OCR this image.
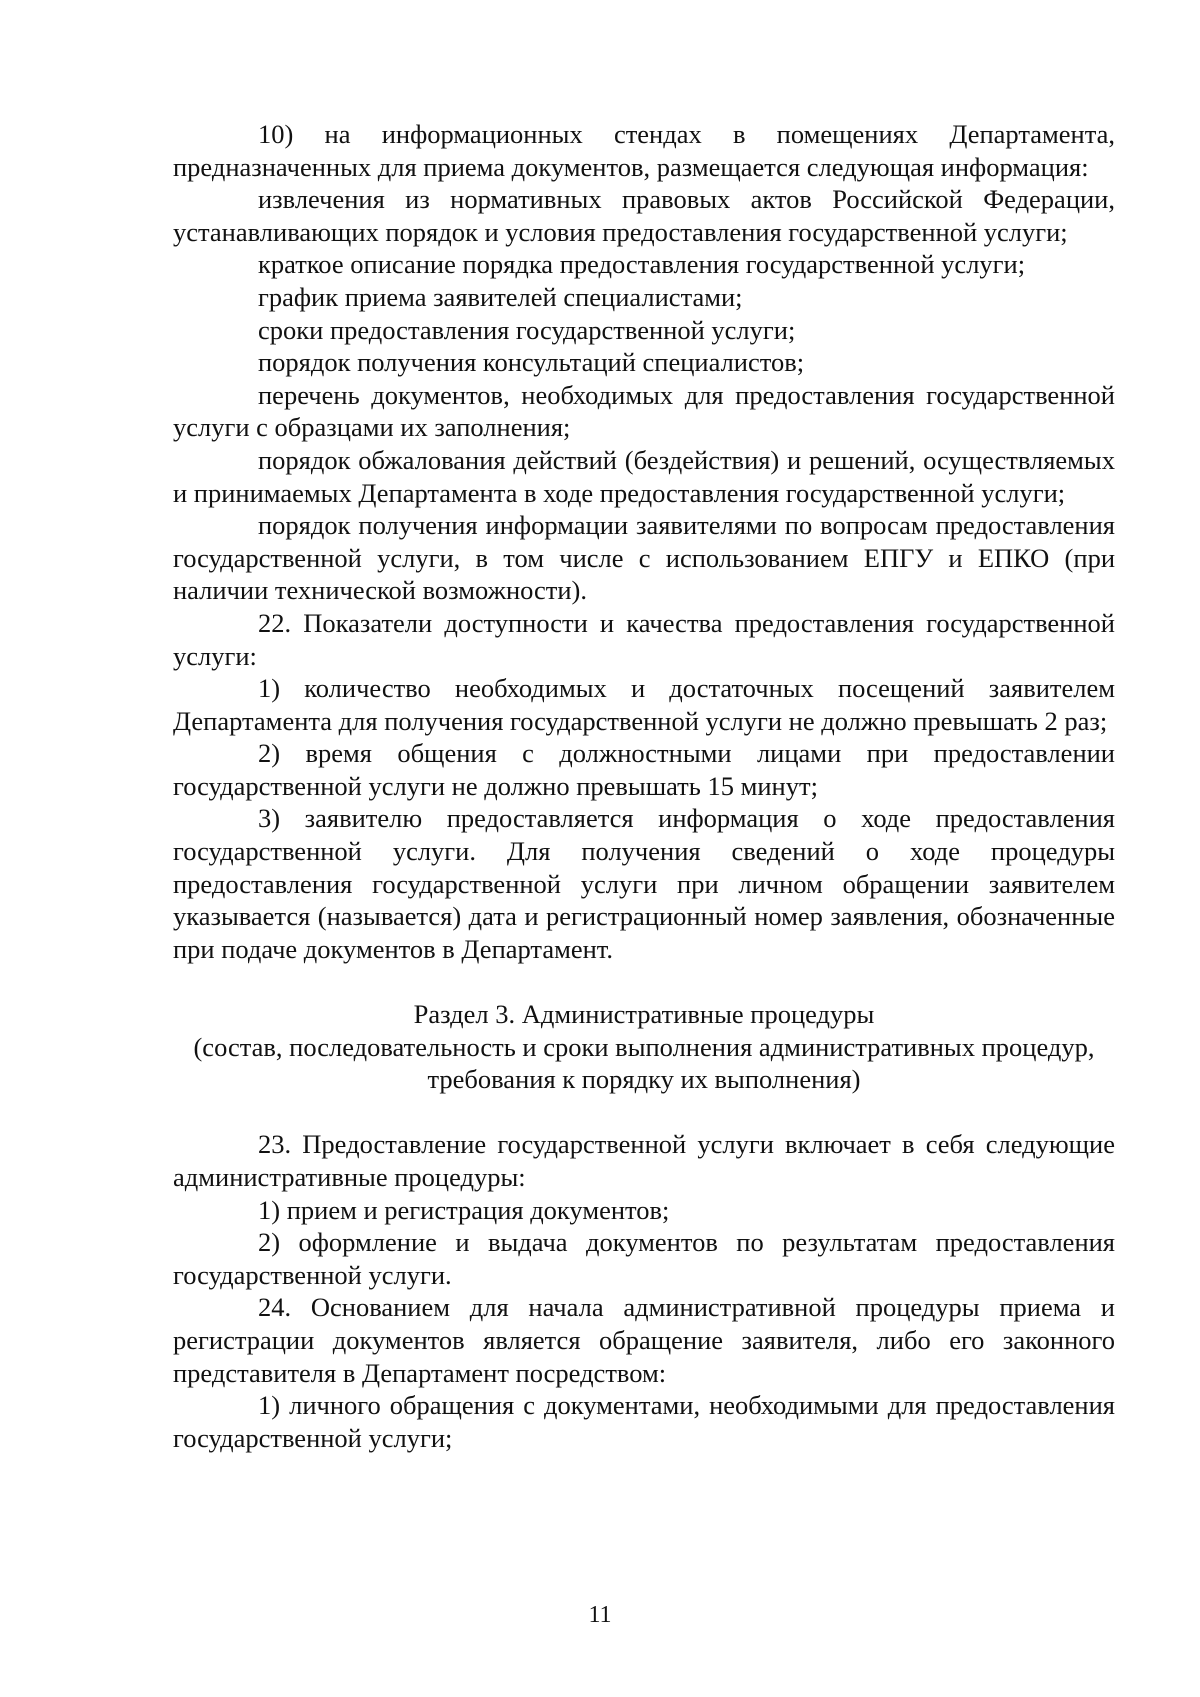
10) на информационных стендах в помещениях Департамента, предназначенных для приема документов, размещается следующая информация:

извлечения из нормативных правовых актов Российской Федерации, устанавливающих порядок и условия предоставления государственной услуги;

краткое описание порядка предоставления государственной услуги;

график приема заявителей специалистами;

сроки предоставления государственной услуги;

порядок получения консультаций специалистов;

перечень документов, необходимых для предоставления государственной услуги с образцами их заполнения;

порядок обжалования действий (бездействия) и решений, осуществляемых и принимаемых Департамента в ходе предоставления государственной услуги;

порядок получения информации заявителями по вопросам предоставления государственной услуги, в том числе с использованием ЕПГУ и ЕПКО (при наличии технической возможности).

22. Показатели доступности и качества предоставления государственной услуги:

1) количество необходимых и достаточных посещений заявителем Департамента для получения государственной услуги не должно превышать 2 раз;

2) время общения с должностными лицами при предоставлении государственной услуги не должно превышать 15 минут;

3) заявителю предоставляется информация о ходе предоставления государственной услуги. Для получения сведений о ходе процедуры предоставления государственной услуги при личном обращении заявителем указывается (называется) дата и регистрационный номер заявления, обозначенные при подаче документов в Департамент.

Раздел 3. Административные процедуры

(состав, последовательность и сроки выполнения административных процедур, требования к порядку их выполнения)

23. Предоставление государственной услуги включает в себя следующие административные процедуры:

1) прием и регистрация документов;

2) оформление и выдача документов по результатам предоставления государственной услуги.

24. Основанием для начала административной процедуры приема и регистрации документов является обращение заявителя, либо его законного представителя в Департамент посредством:

1) личного обращения с документами, необходимыми для предоставления государственной услуги;

11
